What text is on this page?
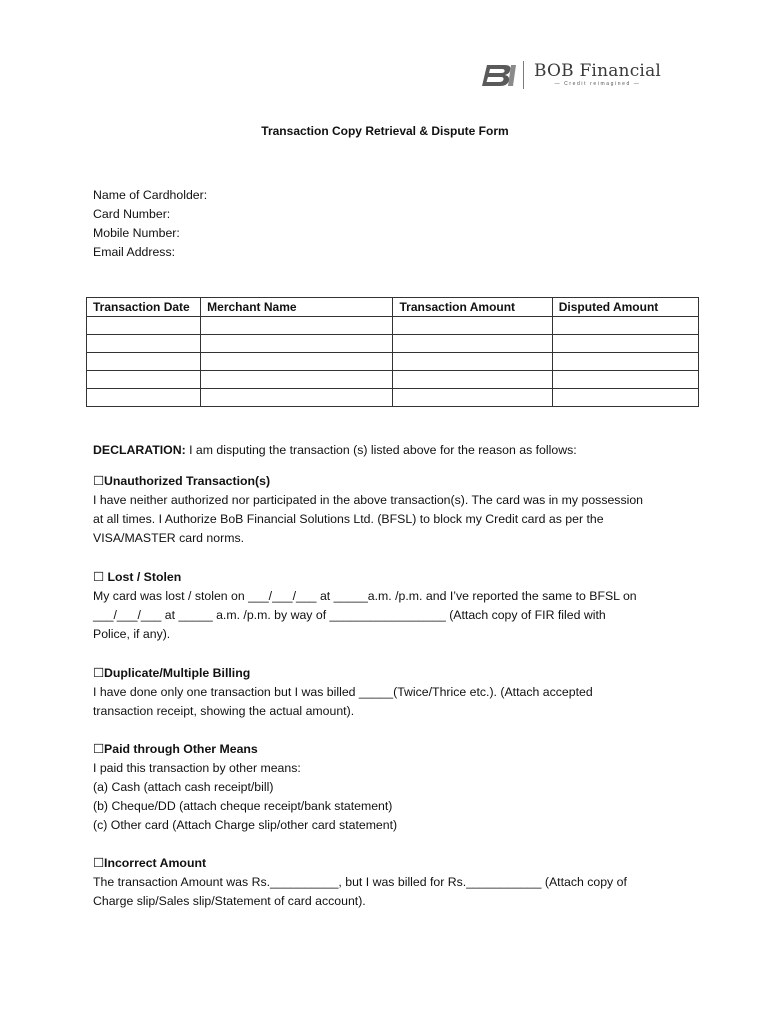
BOB Financial
— Credit reimagined —
Transaction Copy Retrieval & Dispute Form
Name of Cardholder:
Card Number:
Mobile Number:
Email Address:
Transaction Date	Merchant Name	Transaction Amount	Disputed Amount

DECLARATION: I am disputing the transaction (s) listed above for the reason as follows:
☐Unauthorized Transaction(s)
I have neither authorized nor participated in the above transaction(s). The card was in my possession
at all times. I Authorize BoB Financial Solutions Ltd. (BFSL) to block my Credit card as per the
VISA/MASTER card norms.
☐ Lost / Stolen
My card was lost / stolen on ___/___/___ at _____a.m. /p.m. and I’ve reported the same to BFSL on
___/___/___ at _____ a.m. /p.m. by way of _________________ (Attach copy of FIR filed with
Police, if any).
☐Duplicate/Multiple Billing
I have done only one transaction but I was billed _____(Twice/Thrice etc.). (Attach accepted
transaction receipt, showing the actual amount).
☐Paid through Other Means
I paid this transaction by other means:
(a) Cash (attach cash receipt/bill)
(b) Cheque/DD (attach cheque receipt/bank statement)
(c) Other card (Attach Charge slip/other card statement)
☐Incorrect Amount
The transaction Amount was Rs.__________, but I was billed for Rs.___________ (Attach copy of
Charge slip/Sales slip/Statement of card account).
